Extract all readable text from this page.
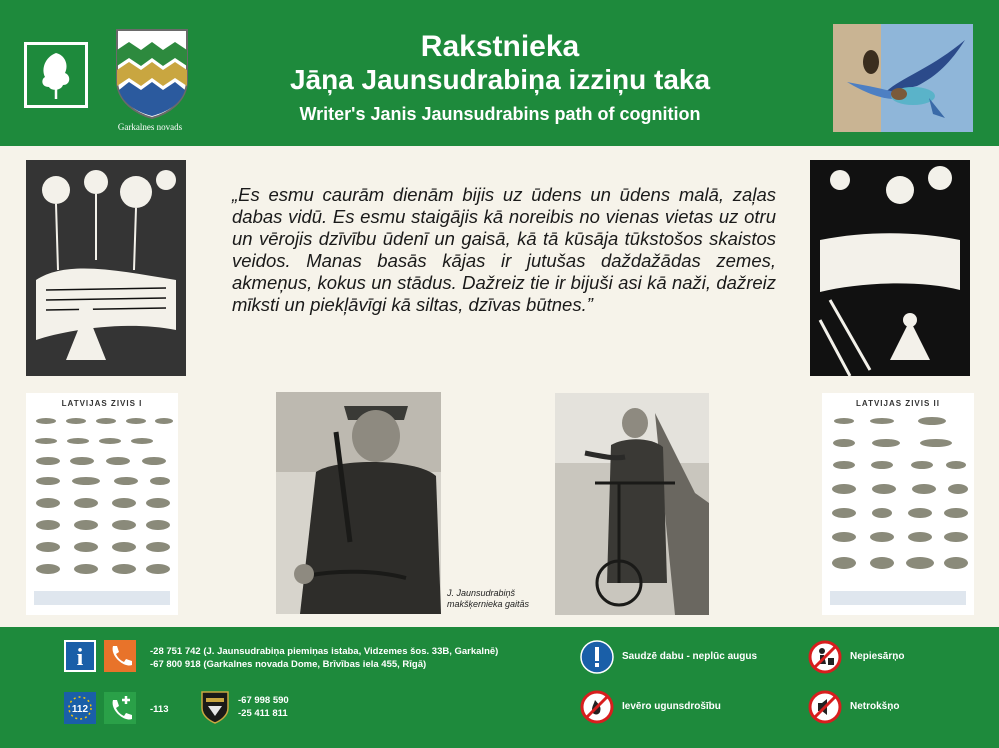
Garkalnes novads
Rakstnieka
Jāņa Jaunsudrabiņa izziņu taka
Writer's Janis Jaunsudrabins path of cognition
„Es esmu caurām dienām bijis uz ūdens un ūdens malā, zaļas dabas vidū. Es esmu staigājis kā noreibis no vienas vietas uz otru un vērojis dzīvību ūdenī un gaisā, kā tā kūsāja tūkstošos skaistos veidos. Manas basās kājas ir jutušas daždažādas zemes, akmeņus, kokus un stādus. Dažreiz tie ir bijuši asi kā naži, dažreiz mīksti un piekļāvīgi kā siltas, dzīvas būtnes.”
LATVIJAS ZIVIS I	LATVIJAS ZIVIS II
J. Jaunsudrabiņš
makšķernieka gaitās
i	-28 751 742 (J. Jaunsudrabiņa piemiņas istaba, Vidzemes šos. 33B, Garkalnē)
-67 800 918 (Garkalnes novada Dome, Brīvības iela 455, Rīgā)
112	-113
-67 998 590
-25 411 811
Saudzē dabu - neplūc augus
Ievēro ugunsdrošību
Nepiesārņo
Netrokšņo
